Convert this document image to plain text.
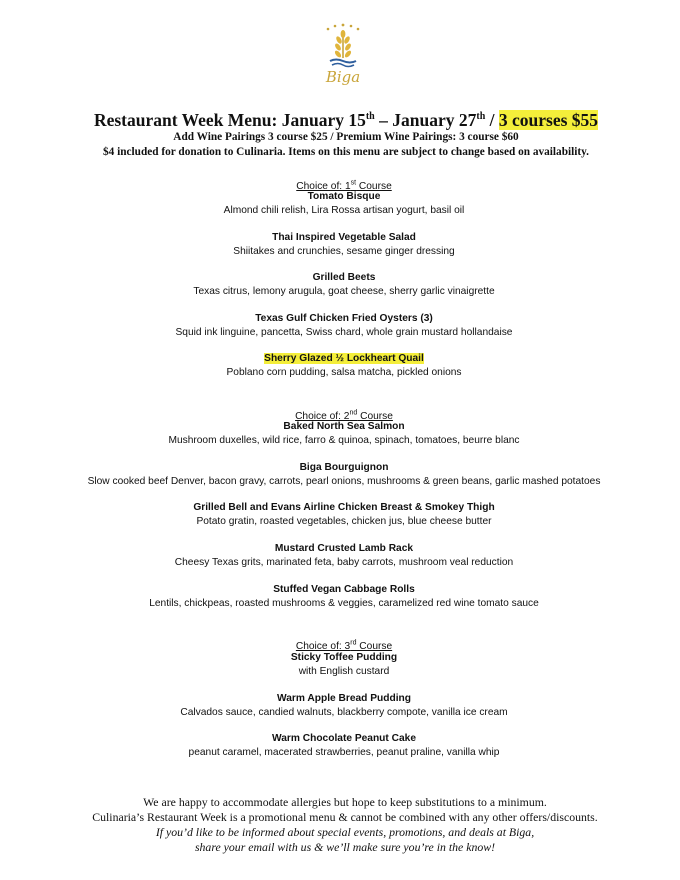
Biga
Restaurant Week Menu: January 15th – January 27th / 3 courses $55
Add Wine Pairings 3 course $25 / Premium Wine Pairings: 3 course $60
$4 included for donation to Culinaria. Items on this menu are subject to change based on availability.
Choice of: 1st Course
Tomato Bisque
Almond chili relish, Lira Rossa artisan yogurt, basil oil
Thai Inspired Vegetable Salad
Shiitakes and crunchies, sesame ginger dressing
Grilled Beets
Texas citrus, lemony arugula, goat cheese, sherry garlic vinaigrette
Texas Gulf Chicken Fried Oysters (3)
Squid ink linguine, pancetta, Swiss chard, whole grain mustard hollandaise
Sherry Glazed ½ Lockheart Quail
Poblano corn pudding, salsa matcha, pickled onions
Choice of: 2nd Course
Baked North Sea Salmon
Mushroom duxelles, wild rice, farro & quinoa, spinach, tomatoes, beurre blanc
Biga Bourguignon
Slow cooked beef Denver, bacon gravy, carrots, pearl onions, mushrooms & green beans, garlic mashed potatoes
Grilled Bell and Evans Airline Chicken Breast & Smokey Thigh
Potato gratin, roasted vegetables, chicken jus, blue cheese butter
Mustard Crusted Lamb Rack
Cheesy Texas grits, marinated feta, baby carrots, mushroom veal reduction
Stuffed Vegan Cabbage Rolls
Lentils, chickpeas, roasted mushrooms & veggies, caramelized red wine tomato sauce
Choice of: 3rd Course
Sticky Toffee Pudding
with English custard
Warm Apple Bread Pudding
Calvados sauce, candied walnuts, blackberry compote, vanilla ice cream
Warm Chocolate Peanut Cake
peanut caramel, macerated strawberries, peanut praline, vanilla whip
We are happy to accommodate allergies but hope to keep substitutions to a minimum.
Culinaria’s Restaurant Week is a promotional menu & cannot be combined with any other offers/discounts.
If you’d like to be informed about special events, promotions, and deals at Biga,
share your email with us & we’ll make sure you’re in the know!
